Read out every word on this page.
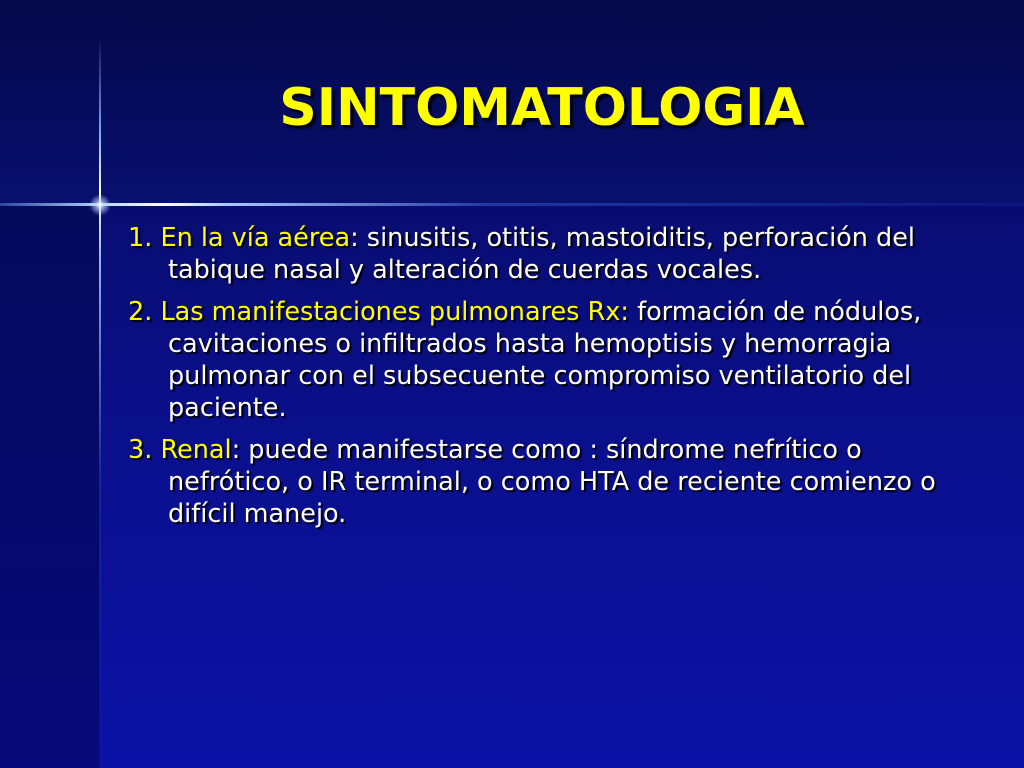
SINTOMATOLOGIA
1. En la vía aérea: sinusitis, otitis, mastoiditis, perforación del tabique nasal y alteración de cuerdas vocales.
2. Las manifestaciones pulmonares Rx: formación de nódulos, cavitaciones o infiltrados hasta hemoptisis y hemorragia pulmonar con el subsecuente compromiso ventilatorio del paciente.
3. Renal: puede manifestarse como : síndrome nefrítico o nefrótico, o IR terminal, o como HTA de reciente comienzo o difícil manejo.
